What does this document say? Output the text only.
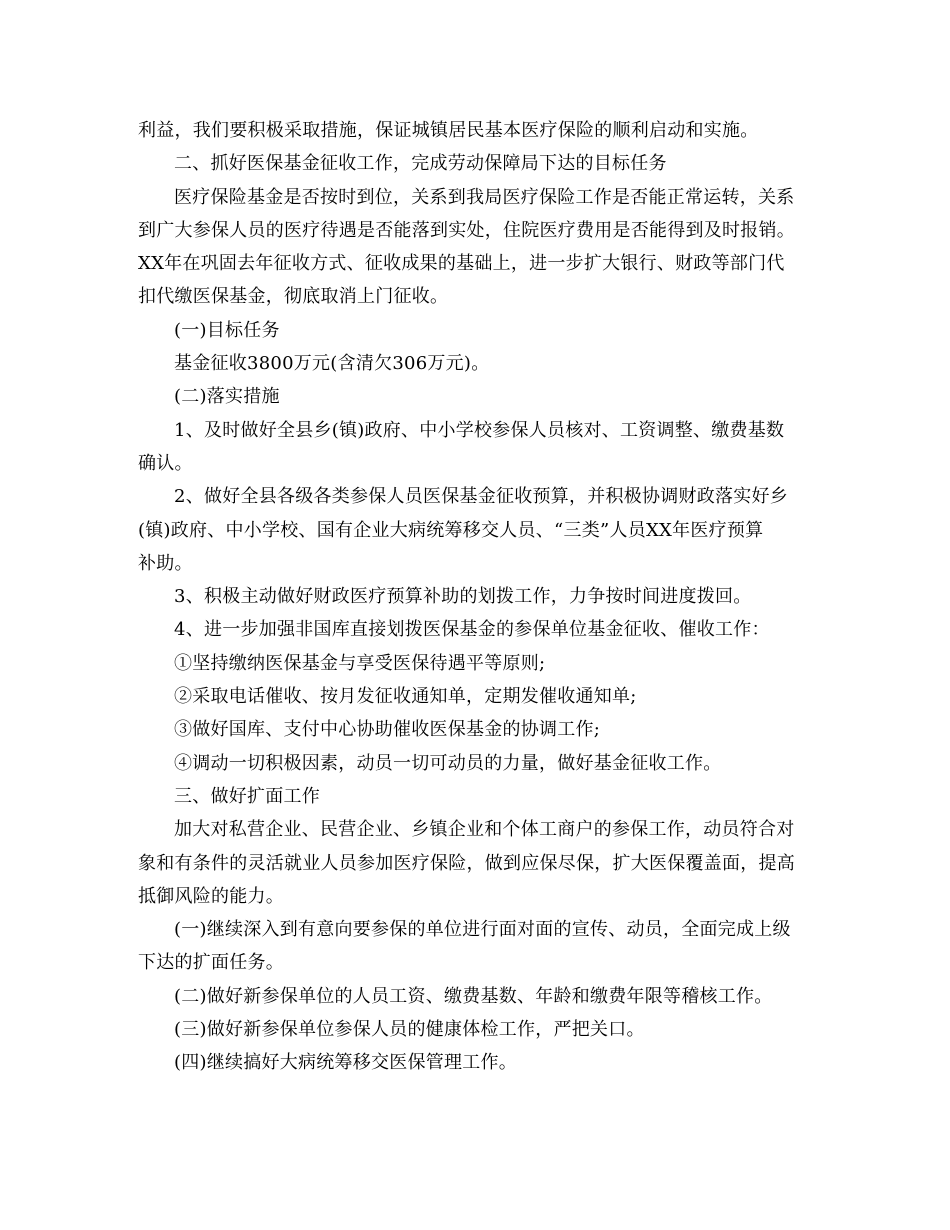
利益，我们要积极采取措施，保证城镇居民基本医疗保险的顺利启动和实施。
二、抓好医保基金征收工作，完成劳动保障局下达的目标任务
医疗保险基金是否按时到位，关系到我局医疗保险工作是否能正常运转，关系
到广大参保人员的医疗待遇是否能落到实处，住院医疗费用是否能得到及时报销。
XX年在巩固去年征收方式、征收成果的基础上，进一步扩大银行、财政等部门代
扣代缴医保基金，彻底取消上门征收。
(一)目标任务
基金征收3800万元(含清欠306万元)。
(二)落实措施
1、及时做好全县乡(镇)政府、中小学校参保人员核对、工资调整、缴费基数
确认。
2、做好全县各级各类参保人员医保基金征收预算，并积极协调财政落实好乡
(镇)政府、中小学校、国有企业大病统筹移交人员、“三类”人员XX年医疗预算
补助。
3、积极主动做好财政医疗预算补助的划拨工作，力争按时间进度拨回。
4、进一步加强非国库直接划拨医保基金的参保单位基金征收、催收工作：
①坚持缴纳医保基金与享受医保待遇平等原则;
②采取电话催收、按月发征收通知单，定期发催收通知单;
③做好国库、支付中心协助催收医保基金的协调工作;
④调动一切积极因素，动员一切可动员的力量，做好基金征收工作。
三、做好扩面工作
加大对私营企业、民营企业、乡镇企业和个体工商户的参保工作，动员符合对
象和有条件的灵活就业人员参加医疗保险，做到应保尽保，扩大医保覆盖面，提高
抵御风险的能力。
(一)继续深入到有意向要参保的单位进行面对面的宣传、动员，全面完成上级
下达的扩面任务。
(二)做好新参保单位的人员工资、缴费基数、年龄和缴费年限等稽核工作。
(三)做好新参保单位参保人员的健康体检工作，严把关口。
(四)继续搞好大病统筹移交医保管理工作。
